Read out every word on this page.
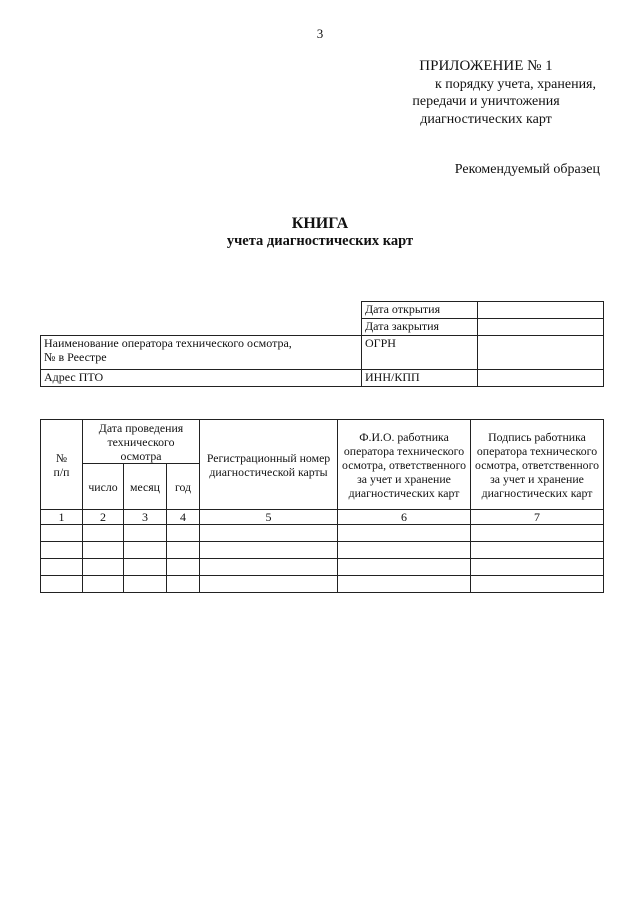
3
ПРИЛОЖЕНИЕ № 1
к порядку учета, хранения,
передачи и уничтожения
диагностических карт
Рекомендуемый образец
КНИГА
учета диагностических карт
	Дата открытия	
	Дата закрытия	

Наименование оператора технического осмотра,
№ в Реестре	ОГРН	
Адрес ПТО	ИНН/КПП	
№
п/п	Дата проведения технического осмотра			Регистрационный номер диагностической карты	Ф.И.О. работника оператора технического осмотра, ответственного за учет и хранение диагностических карт	Подпись работника оператора технического осмотра, ответственного за учет и хранение диагностических карт
	число	месяц	год			
1	2	3	4	5	6	7
